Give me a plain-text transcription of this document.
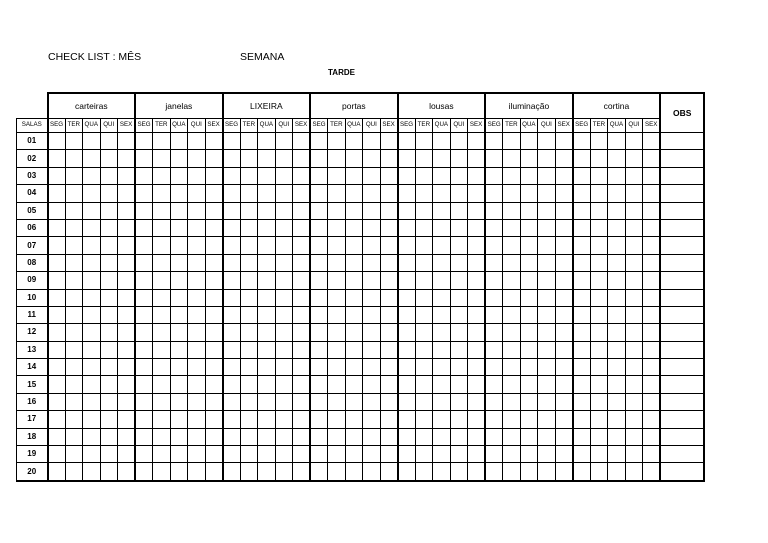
CHECK LIST : MÊS	SEMANA
TARDE
	carteiras					janelas					LIXEIRA					portas					lousas					iluminação					cortina					OBS
SALAS	SEG	TER	QUA	QUI	SEX	SEG	TER	QUA	QUI	SEX	SEG	TER	QUA	QUI	SEX	SEG	TER	QUA	QUI	SEX	SEG	TER	QUA	QUI	SEX	SEG	TER	QUA	QUI	SEX	SEG	TER	QUA	QUI	SEX	
01																																				
02																																				
03																																				
04																																				
05																																				
06																																				
07																																				
08																																				
09																																				
10																																				
11																																				
12																																				
13																																				
14																																				
15																																				
16																																				
17																																				
18																																				
19																																				
20																																				
